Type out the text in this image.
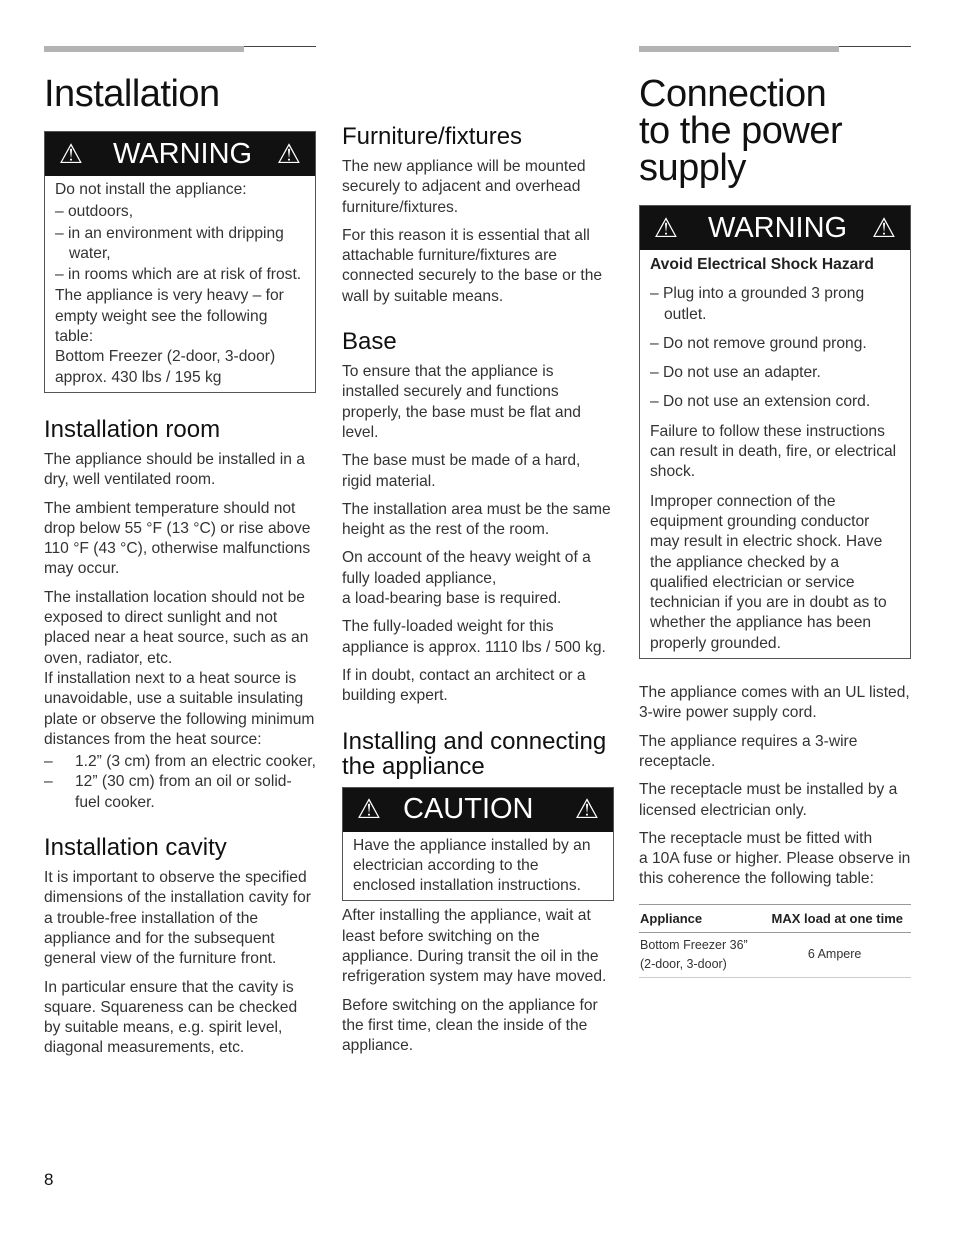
Installation
⚠	WARNING ⚠

Do not install the appliance:

– outdoors,

– in an environment with dripping water,

– in rooms which are at risk of frost.

The appliance is very heavy – for empty weight see the following table:

Bottom Freezer (2-door, 3-door)

approx. 430 lbs / 195 kg

Installation room

The appliance should be installed in a dry, well ventilated room.

The ambient temperature should not drop below 55 °F (13 °C) or rise above 110 °F (43 °C), otherwise malfunctions may occur.

The installation location should not be exposed to direct sunlight and not placed near a heat source, such as an oven, radiator, etc.

If installation next to a heat source is unavoidable, use a suitable insulating plate or observe the following minimum distances from the heat source:

– 1.2” (3 cm) from an electric cooker,
– 12” (30 cm) from an oil or solid-fuel cooker.
Installation cavity

It is important to observe the specified dimensions of the installation cavity for a trouble-free installation of the appliance and for the subsequent general view of the furniture front.

In particular ensure that the cavity is square. Squareness can be checked by suitable means, e.g. spirit level, diagonal measurements, etc.

Furniture/fixtures

The new appliance will be mounted securely to adjacent and overhead furniture/fixtures.

For this reason it is essential that all attachable furniture/fixtures are connected securely to the base or the wall by suitable means.

Base

To ensure that the appliance is installed securely and functions properly, the base must be flat and level.

The base must be made of a hard, rigid material.

The installation area must be the same height as the rest of the room.

On account of the heavy weight of a fully loaded appliance,
a load-bearing base is required.

The fully-loaded weight for this appliance is approx. 1110 lbs / 500 kg.

If in doubt, contact an architect or a building expert.

Installing and connecting the appliance
⚠ CAUTION	⚠

Have the appliance installed by an electrician according to the enclosed installation instructions.

After installing the appliance, wait at least before switching on the appliance. During transit the oil in the refrigeration system may have moved.

Before switching on the appliance for the first time, clean the inside of the appliance.

Connection
to the power
supply
⚠	WARNING ⚠

Avoid Electrical Shock Hazard

– Plug into a grounded 3 prong outlet.

– Do not remove ground prong.

– Do not use an adapter.

– Do not use an extension cord.

Failure to follow these instructions can result in death, fire, or electrical shock.

Improper connection of the equipment grounding conductor may result in electric shock. Have the appliance checked by a qualified electrician or service technician if you are in doubt as to whether the appliance has been properly grounded.

The appliance comes with an UL listed, 3-wire power supply cord.

The appliance requires a 3-wire receptacle.

The receptacle must be installed by a licensed electrician only.

The receptacle must be fitted with
a 10A fuse or higher. Please observe in this coherence the following table:

Appliance	MAX load at one time
Bottom Freezer 36”
(2-door, 3-door)	6 Ampere
8
